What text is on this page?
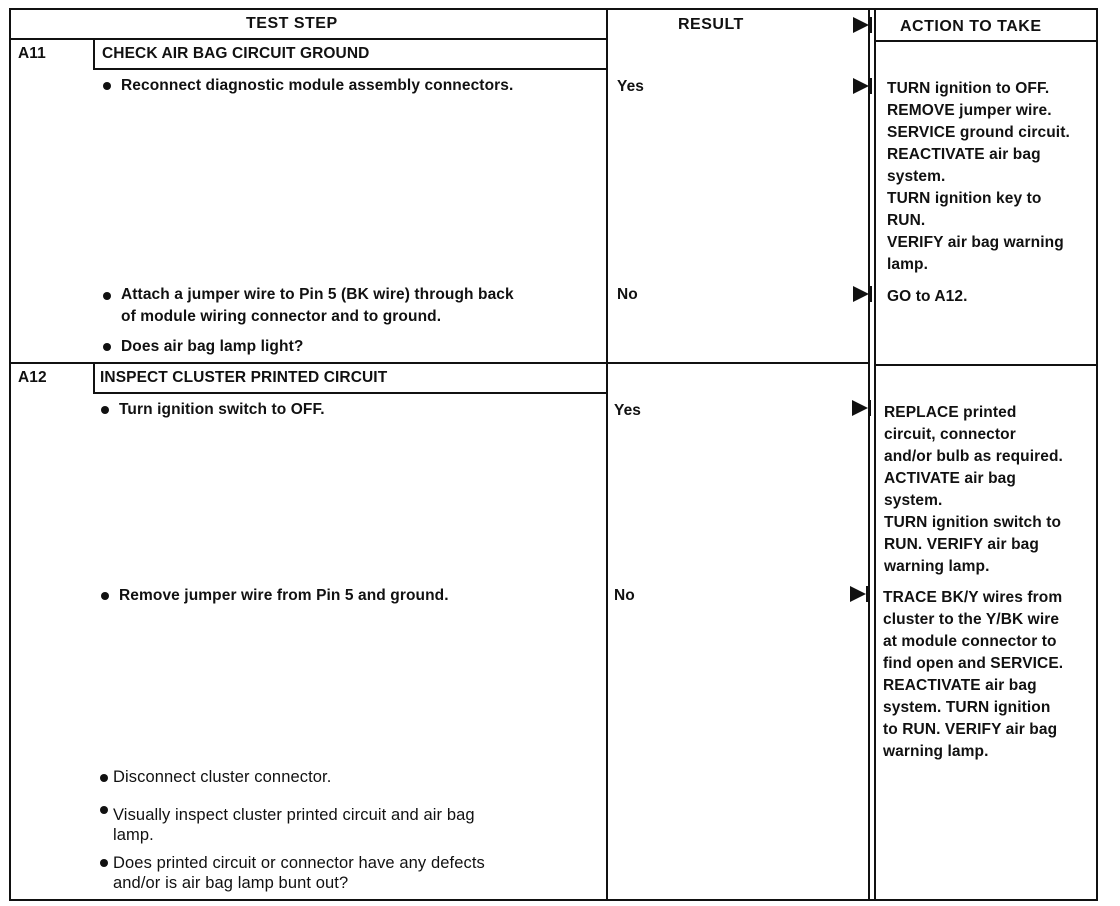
TEST STEP	RESULT	ACTION TO TAKE
A11	CHECK AIR BAG CIRCUIT GROUND
Reconnect diagnostic module assembly connectors.	Yes	TURN ignition to OFF.
REMOVE jumper wire.
SERVICE ground circuit.
REACTIVATE air bag
system.
TURN ignition key to
RUN.
VERIFY air bag warning
lamp.
Attach a jumper wire to Pin 5 (BK wire) through back
of module wiring connector and to ground.
No	GO to A12.
Does air bag lamp light?
A12	INSPECT CLUSTER PRINTED CIRCUIT
Turn ignition switch to OFF.	Yes	REPLACE printed
circuit, connector
and/or bulb as required.
ACTIVATE air bag
system.
TURN ignition switch to
RUN. VERIFY air bag
warning lamp.
Remove jumper wire from Pin 5 and ground.	No	TRACE BK/Y wires from
cluster to the Y/BK wire
at module connector to
find open and SERVICE.
REACTIVATE air bag
system. TURN ignition
to RUN. VERIFY air bag
warning lamp.
Disconnect cluster connector.
Visually inspect cluster printed circuit and air bag
lamp.
Does printed circuit or connector have any defects
and/or is air bag lamp bunt out?
